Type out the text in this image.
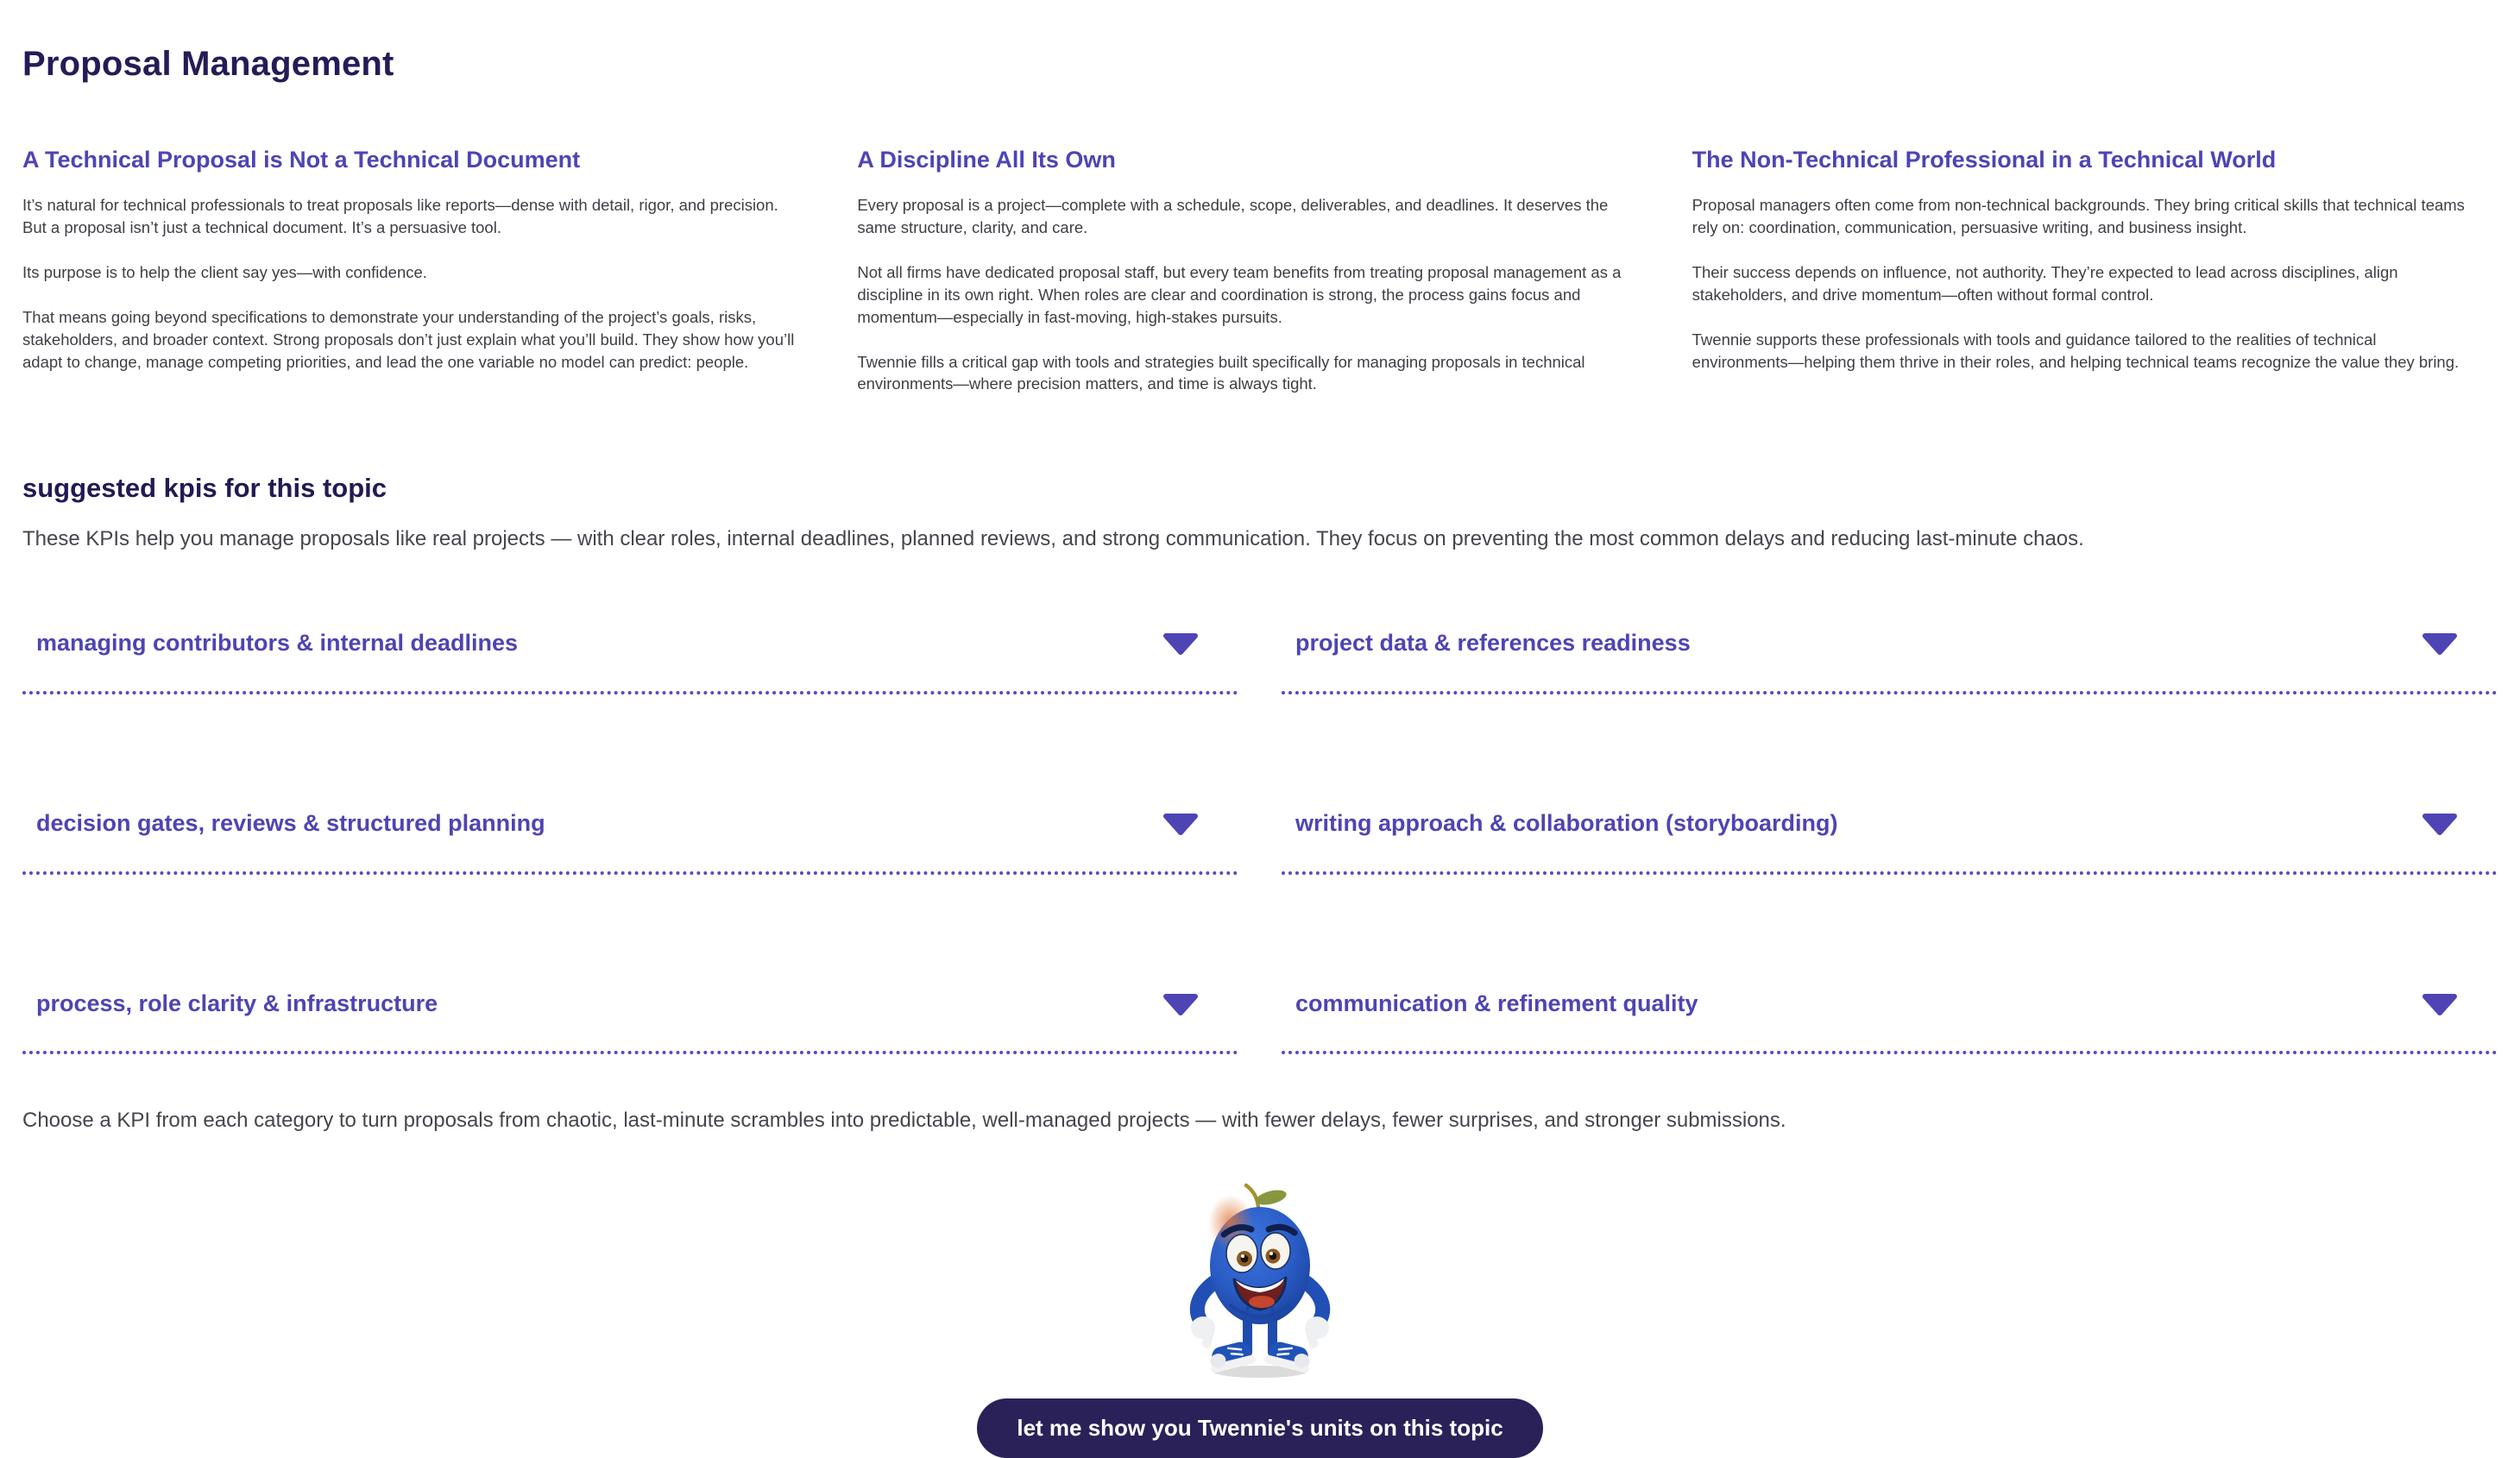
Proposal Management
A Technical Proposal is Not a Technical Document

It’s natural for technical professionals to treat proposals like reports—dense with detail, rigor, and precision. But a proposal isn’t just a technical document. It’s a persuasive tool.

Its purpose is to help the client say yes—with confidence.

That means going beyond specifications to demonstrate your understanding of the project’s goals, risks, stakeholders, and broader context. Strong proposals don’t just explain what you’ll build. They show how you’ll adapt to change, manage competing priorities, and lead the one variable no model can predict: people.

A Discipline All Its Own

Every proposal is a project—complete with a schedule, scope, deliverables, and deadlines. It deserves the same structure, clarity, and care.

Not all firms have dedicated proposal staff, but every team benefits from treating proposal management as a discipline in its own right. When roles are clear and coordination is strong, the process gains focus and momentum—especially in fast-moving, high-stakes pursuits.

Twennie fills a critical gap with tools and strategies built specifically for managing proposals in technical environments—where precision matters, and time is always tight.

The Non-Technical Professional in a Technical World

Proposal managers often come from non-technical backgrounds. They bring critical skills that technical teams rely on: coordination, communication, persuasive writing, and business insight.

Their success depends on influence, not authority. They’re expected to lead across disciplines, align stakeholders, and drive momentum—often without formal control.

Twennie supports these professionals with tools and guidance tailored to the realities of technical environments—helping them thrive in their roles, and helping technical teams recognize the value they bring.

suggested kpis for this topic

These KPIs help you manage proposals like real projects — with clear roles, internal deadlines, planned reviews, and strong communication. They focus on preventing the most common delays and reducing last-minute chaos.

managing contributors & internal deadlines	project data & references readiness
decision gates, reviews & structured planning	writing approach & collaboration (storyboarding)
process, role clarity & infrastructure	communication & refinement quality

Choose a KPI from each category to turn proposals from chaotic, last-minute scrambles into predictable, well-managed projects — with fewer delays, fewer surprises, and stronger submissions.

let me show you Twennie's units on this topic
